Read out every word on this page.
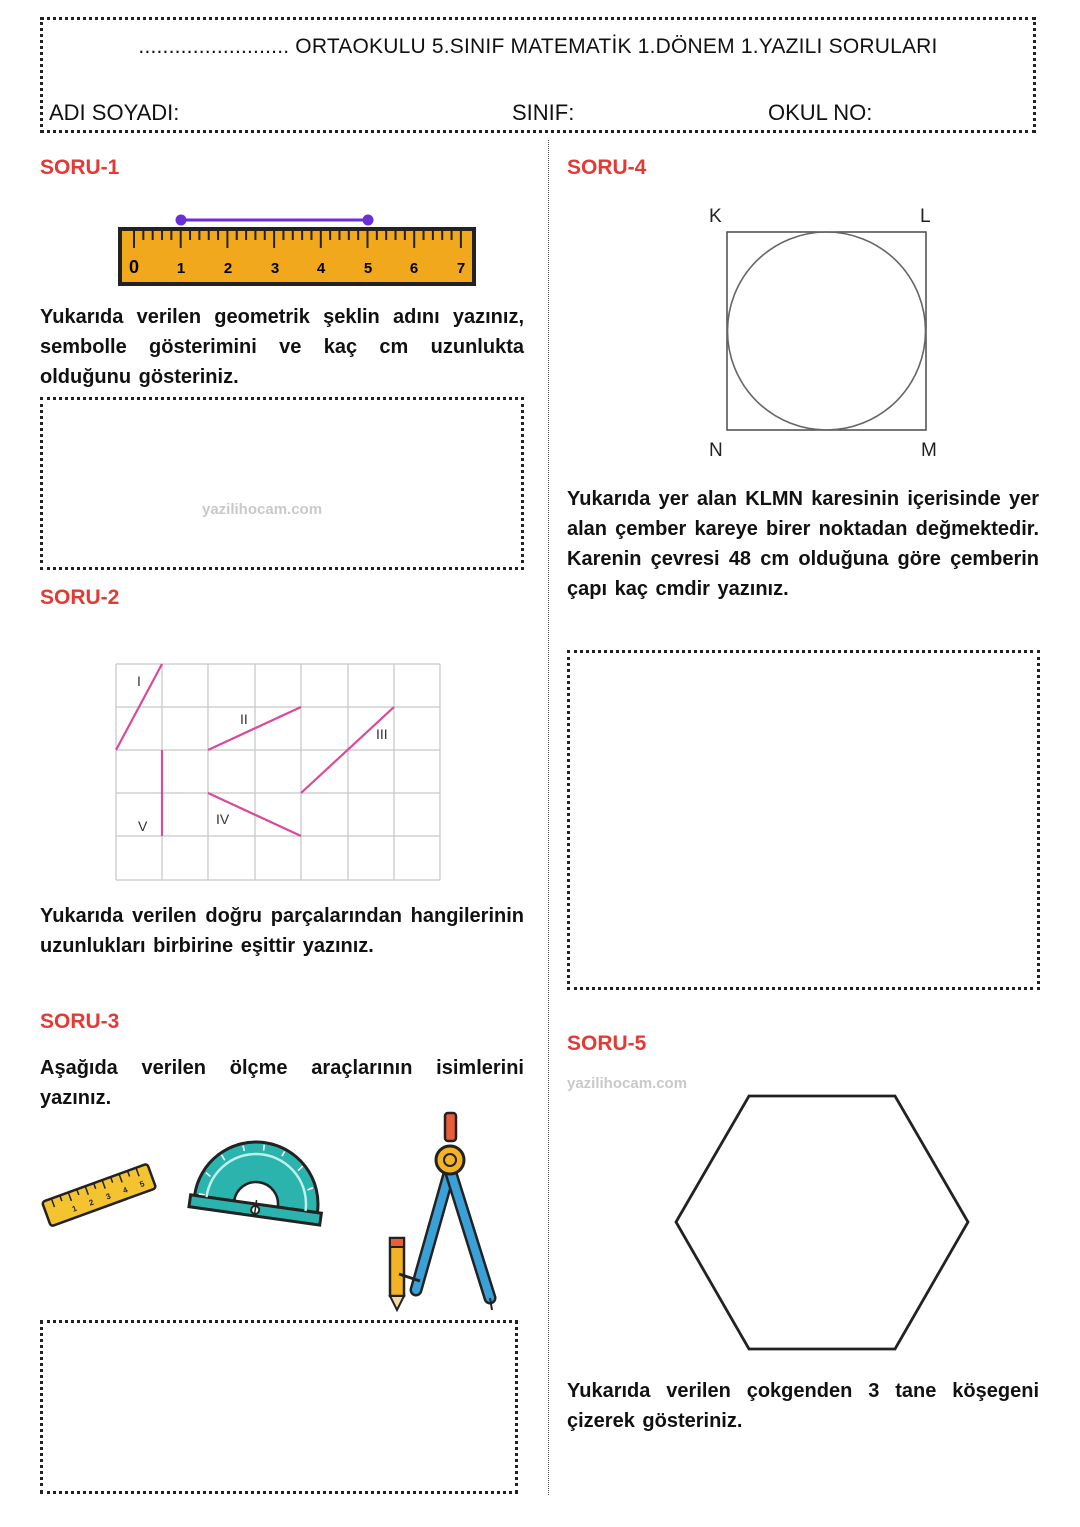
......................... ORTAOKULU 5.SINIF MATEMATİK 1.DÖNEM 1.YAZILI SORULARI
ADI SOYADI:	SINIF:	OKUL NO:
SORU-1
0	1	2	3	4	5	6	7
Yukarıda verilen geometrik şeklin adını yazınız, sembolle gösterimini ve kaç cm uzunlukta olduğunu gösteriniz.
yazilihocam.com
SORU-2
I
II
III
IV
V
Yukarıda verilen doğru parçalarından hangilerinin uzunlukları birbirine eşittir yazınız.
SORU-3
Aşağıda verilen ölçme araçlarının isimlerini yazınız.
1
2
3
4
5
SORU-4
K	L
M
N
Yukarıda yer alan KLMN karesinin içerisinde yer alan çember kareye birer noktadan değmektedir. Karenin çevresi 48 cm olduğuna göre çemberin çapı kaç cmdir yazınız.
SORU-5
yazilihocam.com
Yukarıda verilen çokgenden 3 tane köşegeni çizerek gösteriniz.
